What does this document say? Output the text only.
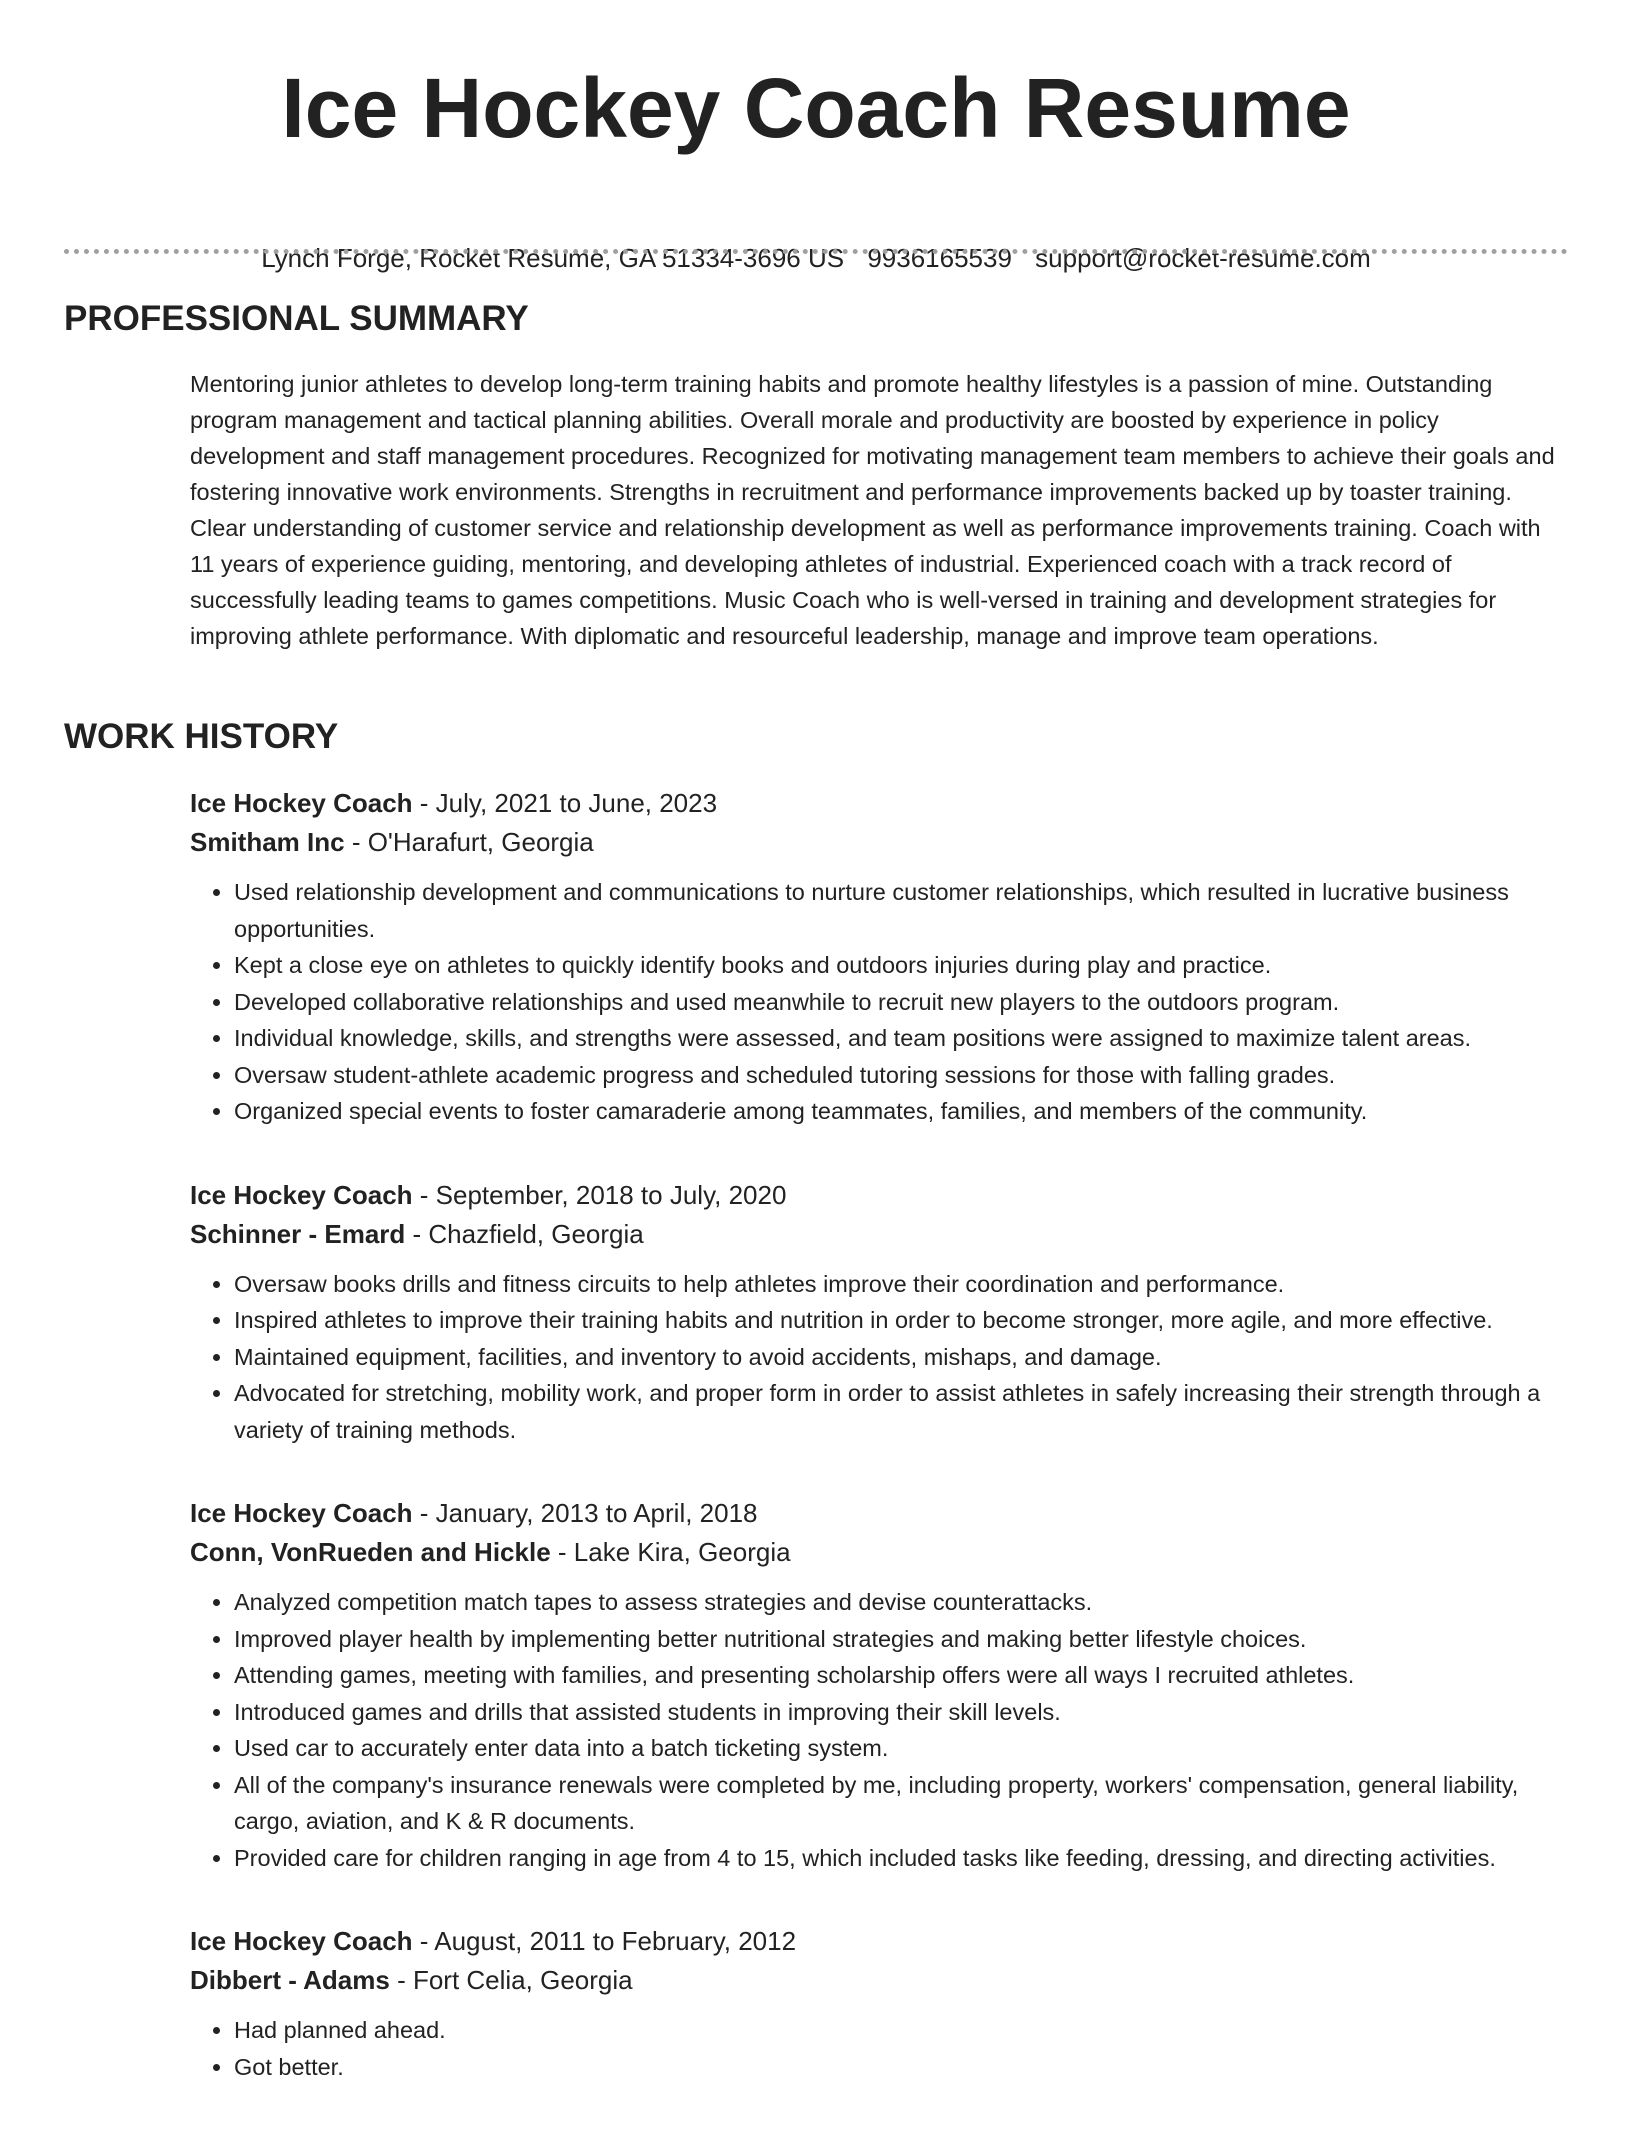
Ice Hockey Coach Resume
Lynch Forge, Rocket Resume, GA 51334-3696 US 9936165539 support@rocket-resume.com
PROFESSIONAL SUMMARY

Mentoring junior athletes to develop long-term training habits and promote healthy lifestyles is a passion of mine. Outstanding program management and tactical planning abilities. Overall morale and productivity are boosted by experience in policy development and staff management procedures. Recognized for motivating management team members to achieve their goals and fostering innovative work environments. Strengths in recruitment and performance improvements backed up by toaster training. Clear understanding of customer service and relationship development as well as performance improvements training. Coach with 11 years of experience guiding, mentoring, and developing athletes of industrial. Experienced coach with a track record of successfully leading teams to games competitions. Music Coach who is well-versed in training and development strategies for improving athlete performance. With diplomatic and resourceful leadership, manage and improve team operations.

WORK HISTORY
Ice Hockey Coach - July, 2021 to June, 2023
Smitham Inc - O'Harafurt, Georgia
• Used relationship development and communications to nurture customer relationships, which resulted in lucrative business opportunities.
• Kept a close eye on athletes to quickly identify books and outdoors injuries during play and practice.
• Developed collaborative relationships and used meanwhile to recruit new players to the outdoors program.
• Individual knowledge, skills, and strengths were assessed, and team positions were assigned to maximize talent areas.
• Oversaw student-athlete academic progress and scheduled tutoring sessions for those with falling grades.
• Organized special events to foster camaraderie among teammates, families, and members of the community.
Ice Hockey Coach - September, 2018 to July, 2020
Schinner - Emard - Chazfield, Georgia
• Oversaw books drills and fitness circuits to help athletes improve their coordination and performance.
• Inspired athletes to improve their training habits and nutrition in order to become stronger, more agile, and more effective.
• Maintained equipment, facilities, and inventory to avoid accidents, mishaps, and damage.
• Advocated for stretching, mobility work, and proper form in order to assist athletes in safely increasing their strength through a variety of training methods.
Ice Hockey Coach - January, 2013 to April, 2018
Conn, VonRueden and Hickle - Lake Kira, Georgia
• Analyzed competition match tapes to assess strategies and devise counterattacks.
• Improved player health by implementing better nutritional strategies and making better lifestyle choices.
• Attending games, meeting with families, and presenting scholarship offers were all ways I recruited athletes.
• Introduced games and drills that assisted students in improving their skill levels.
• Used car to accurately enter data into a batch ticketing system.
• All of the company's insurance renewals were completed by me, including property, workers' compensation, general liability, cargo, aviation, and K & R documents.
• Provided care for children ranging in age from 4 to 15, which included tasks like feeding, dressing, and directing activities.
Ice Hockey Coach - August, 2011 to February, 2012
Dibbert - Adams - Fort Celia, Georgia
• Had planned ahead.
• Got better.
